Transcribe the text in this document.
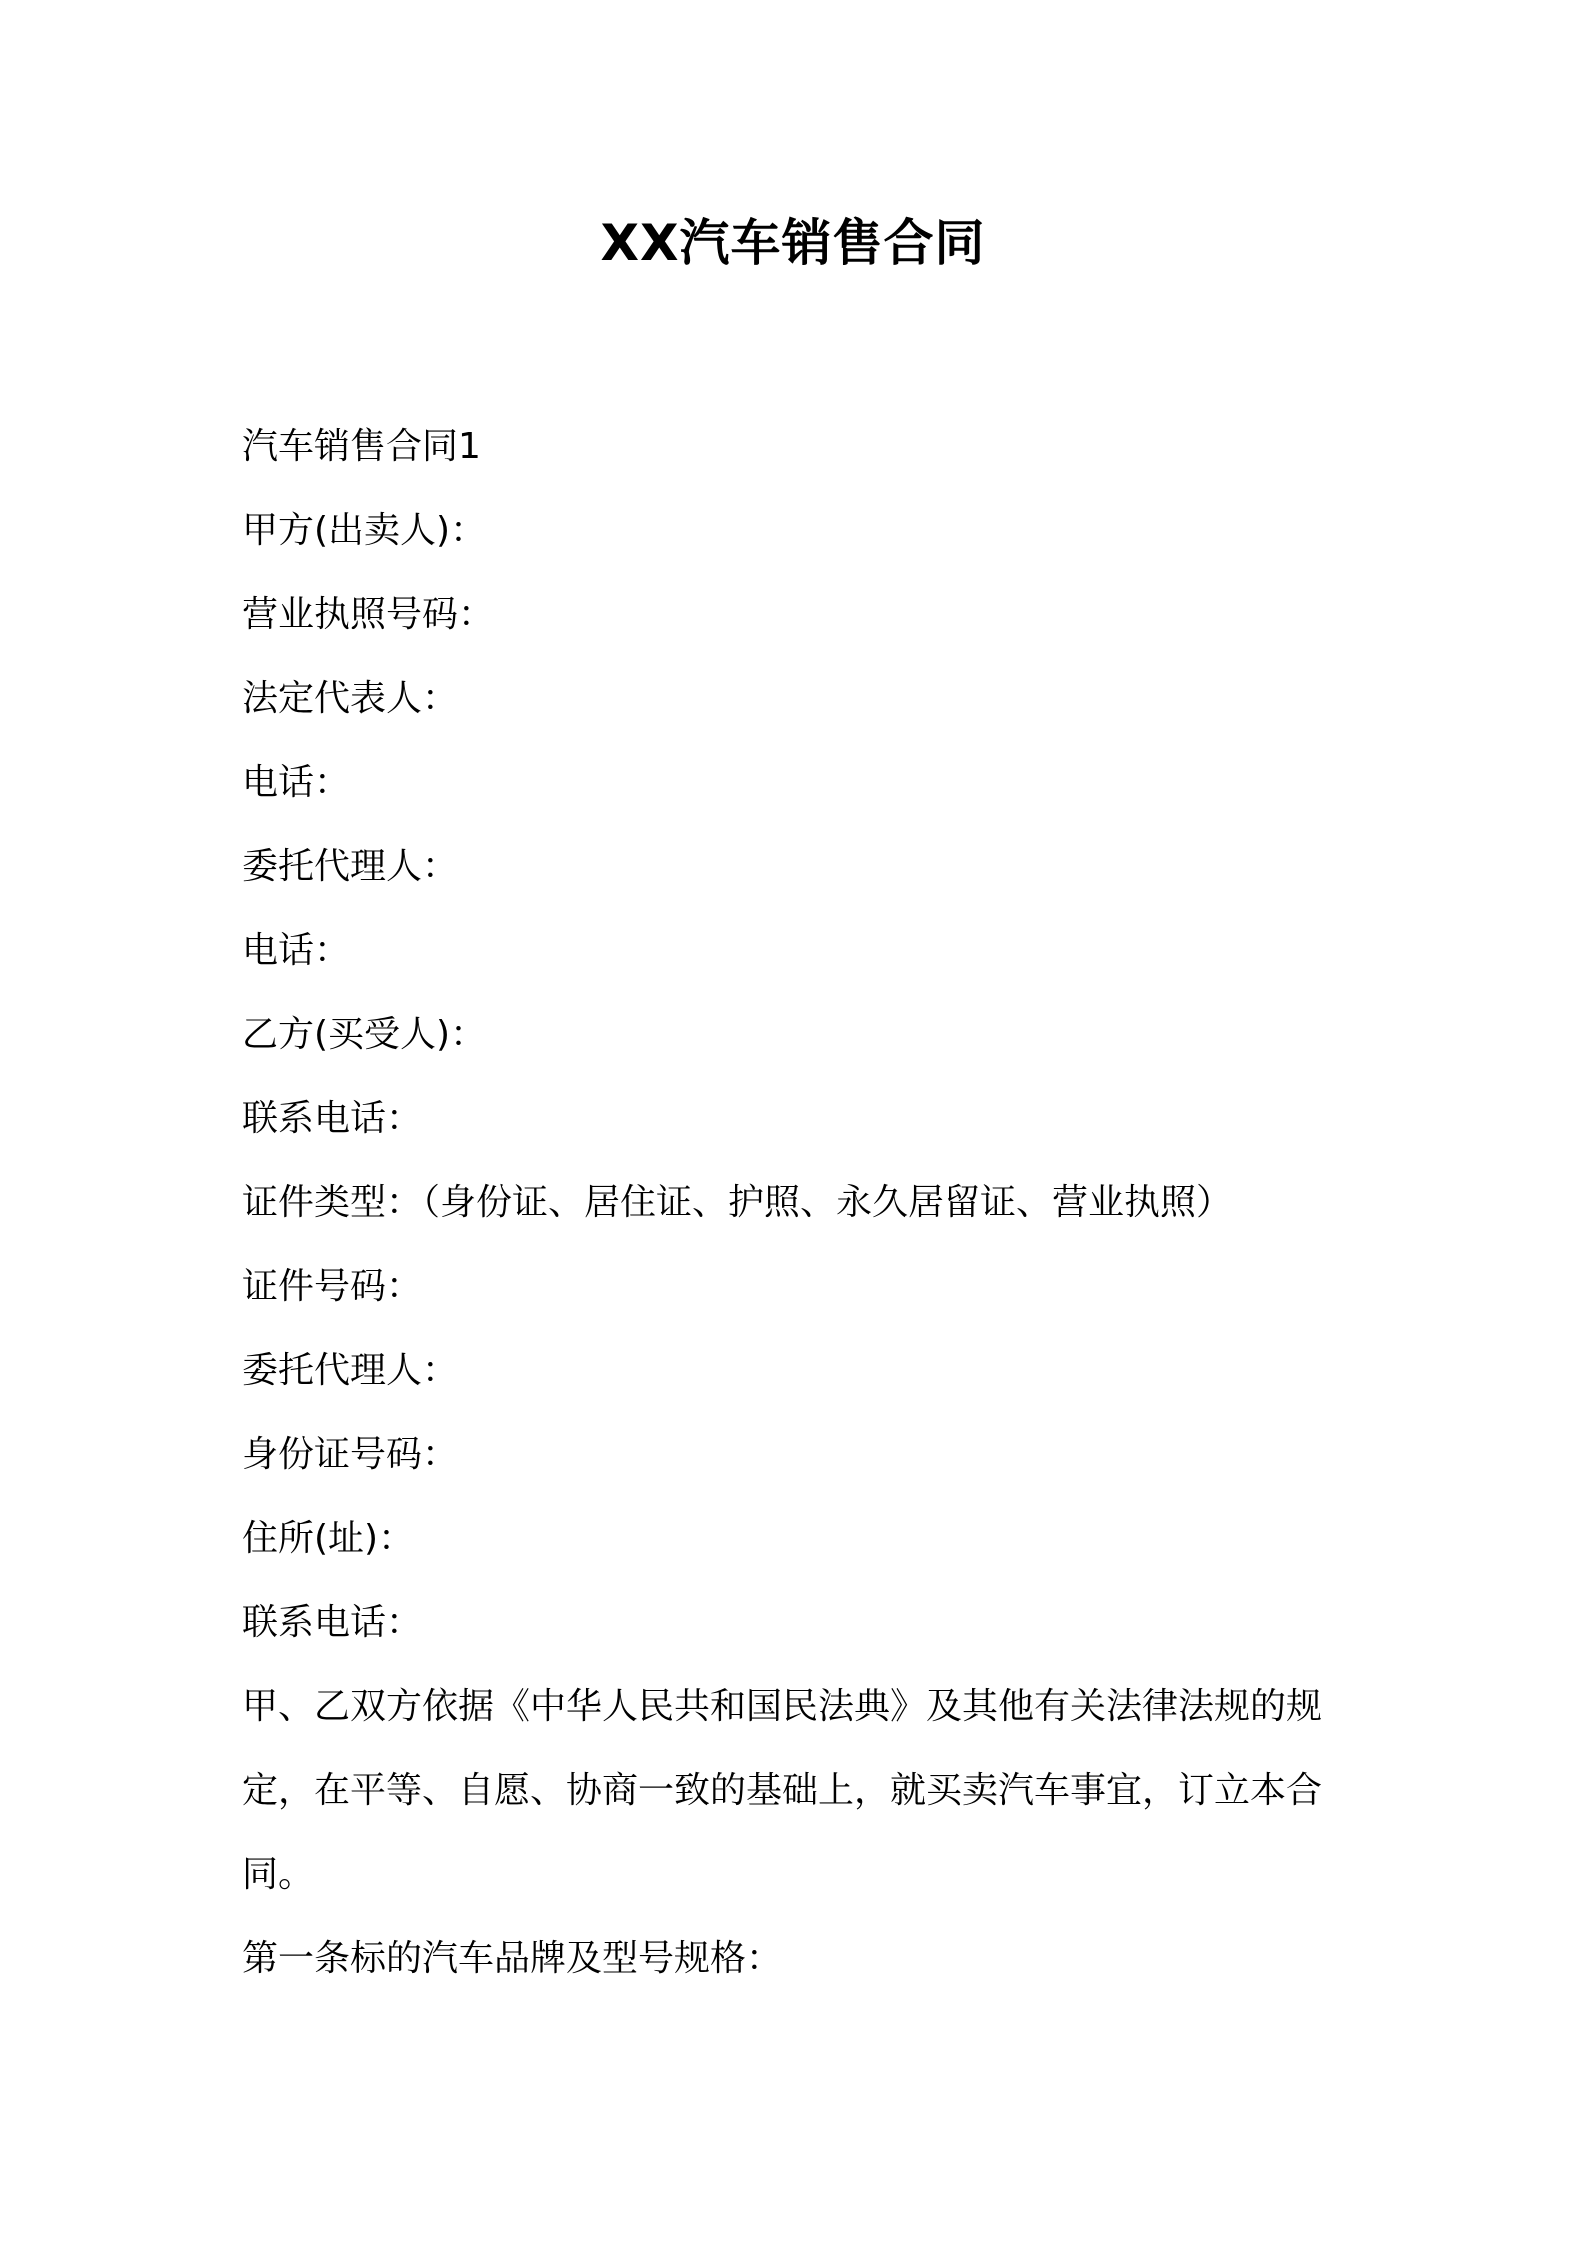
XX汽车销售合同
汽车销售合同1
甲方(出卖人)：
营业执照号码：
法定代表人：
电话：
委托代理人：
电话：
乙方(买受人)：
联系电话：
证件类型：（身份证、居住证、护照、永久居留证、营业执照）
证件号码：
委托代理人：
身份证号码：
住所(址)：
联系电话：
甲、乙双方依据《中华人民共和国民法典》及其他有关法律法规的规定，在平等、自愿、协商一致的基础上，就买卖汽车事宜，订立本合同。
第一条标的汽车品牌及型号规格：
